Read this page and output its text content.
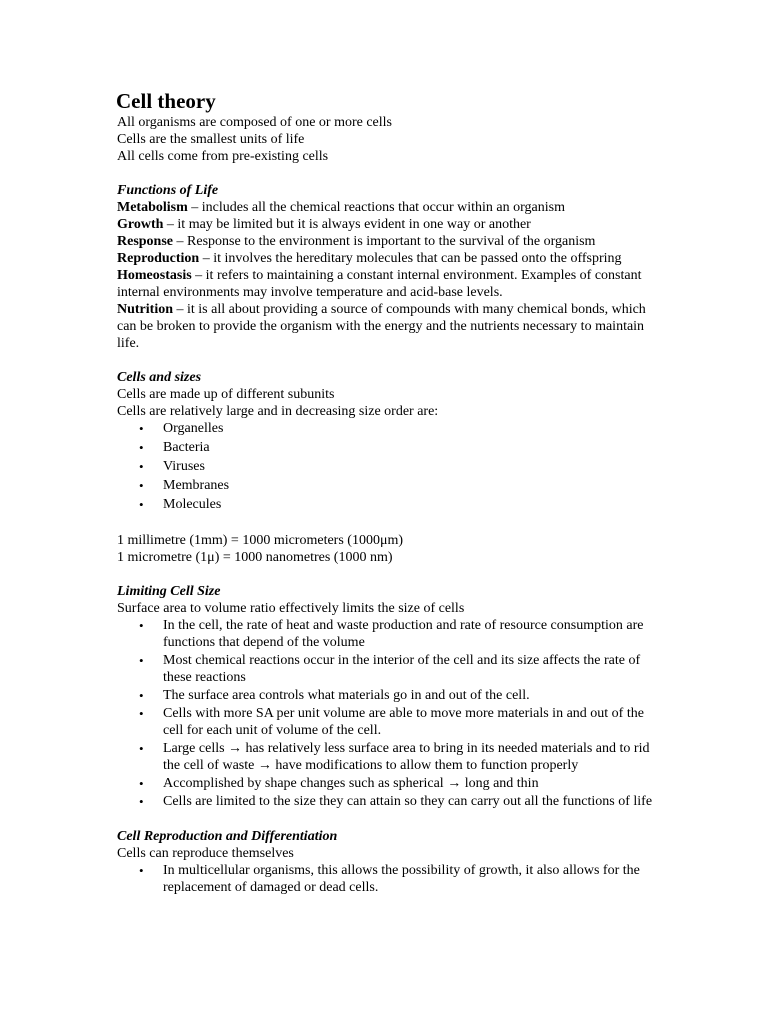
Cell theory

All organisms are composed of one or more cells

Cells are the smallest units of life

All cells come from pre-existing cells

Functions of Life

Metabolism – includes all the chemical reactions that occur within an organism

Growth – it may be limited but it is always evident in one way or another

Response – Response to the environment is important to the survival of the organism

Reproduction – it involves the hereditary molecules that can be passed onto the offspring

Homeostasis – it refers to maintaining a constant internal environment. Examples of constant internal environments may involve temperature and acid-base levels.

Nutrition – it is all about providing a source of compounds with many chemical bonds, which can be broken to provide the organism with the energy and the nutrients necessary to maintain life.

Cells and sizes

Cells are made up of different subunits

Cells are relatively large and in decreasing size order are:

•	Organelles
•	Bacteria
•	Viruses
•	Membranes
•	Molecules

1 millimetre (1mm) = 1000 micrometers (1000μm)

1 micrometre (1μ) = 1000 nanometres (1000 nm)

Limiting Cell Size

Surface area to volume ratio effectively limits the size of cells

•	In the cell, the rate of heat and waste production and rate of resource consumption are functions that depend of the volume
•	Most chemical reactions occur in the interior of the cell and its size affects the rate of these reactions
•	The surface area controls what materials go in and out of the cell.
•	Cells with more SA per unit volume are able to move more materials in and out of the cell for each unit of volume of the cell.
•	Large cells → has relatively less surface area to bring in its needed materials and to rid the cell of waste → have modifications to allow them to function properly
•	Accomplished by shape changes such as spherical → long and thin
•	Cells are limited to the size they can attain so they can carry out all the functions of life
Cell Reproduction and Differentiation

Cells can reproduce themselves

•	In multicellular organisms, this allows the possibility of growth, it also allows for the replacement of damaged or dead cells.
